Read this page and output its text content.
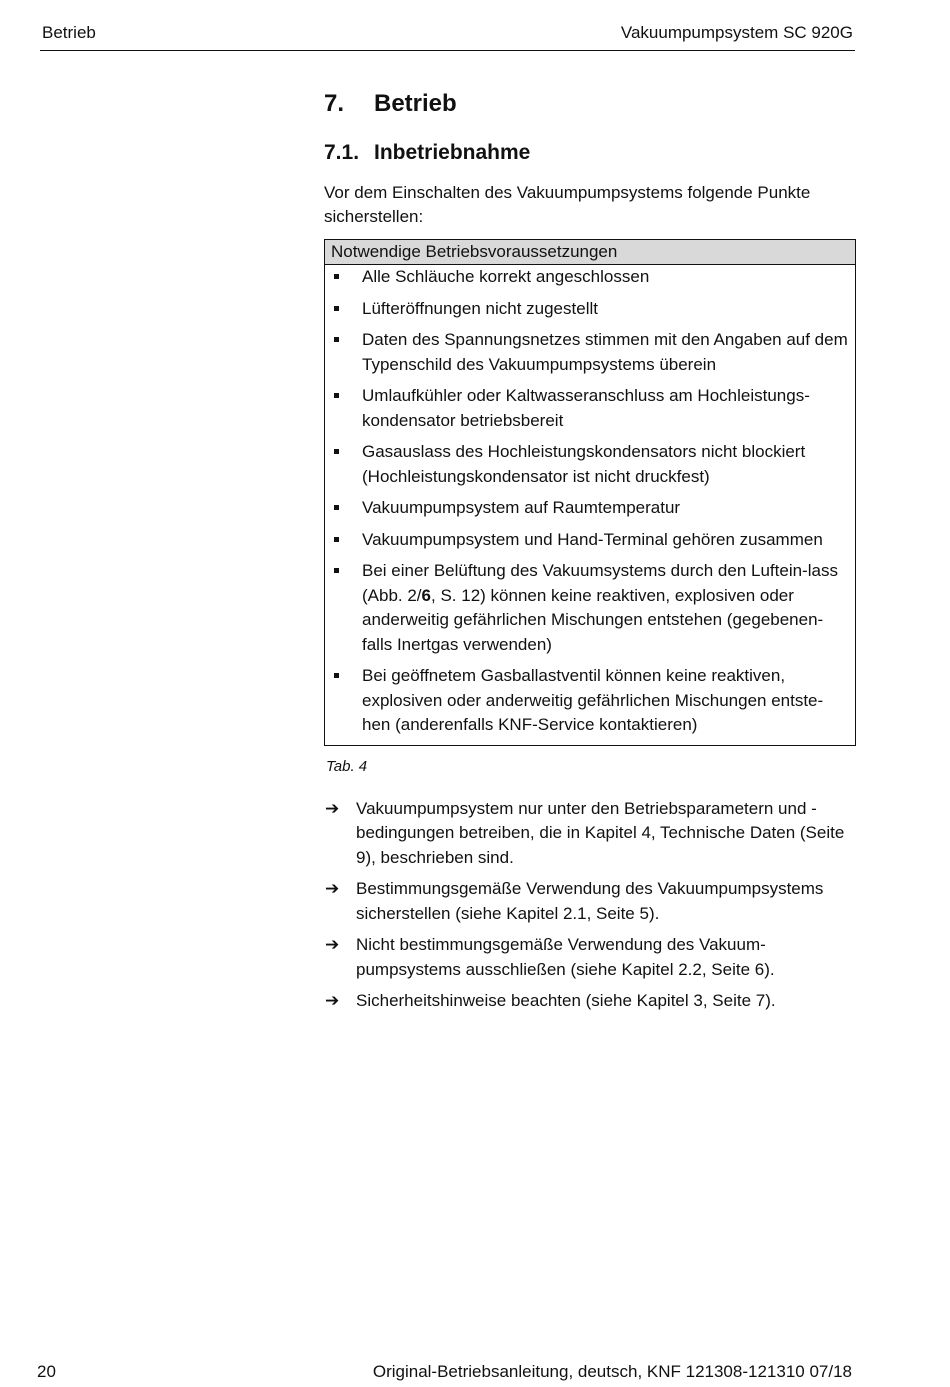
Betrieb	Vakuumpumpsystem SC 920G
7. Betrieb
7.1. Inbetriebnahme
Vor dem Einschalten des Vakuumpumpsystems folgende Punkte sicherstellen:
Notwendige Betriebsvoraussetzungen
Alle Schläuche korrekt angeschlossen
Lüfteröffnungen nicht zugestellt
Daten des Spannungsnetzes stimmen mit den Angaben auf dem Typenschild des Vakuumpumpsystems überein
Umlaufkühler oder Kaltwasseranschluss am Hochleistungs-kondensator betriebsbereit
Gasauslass des Hochleistungskondensators nicht blockiert (Hochleistungskondensator ist nicht druckfest)
Vakuumpumpsystem auf Raumtemperatur
Vakuumpumpsystem und Hand-Terminal gehören zusammen
Bei einer Belüftung des Vakuumsystems durch den Luftein-lass (Abb. 2/6, S. 12) können keine reaktiven, explosiven oder anderweitig gefährlichen Mischungen entstehen (gegebenen-falls Inertgas verwenden)
Bei geöffnetem Gasballastventil können keine reaktiven, explosiven oder anderweitig gefährlichen Mischungen entste-hen (anderenfalls KNF-Service kontaktieren)
Tab. 4
➔ Vakuumpumpsystem nur unter den Betriebsparametern und -bedingungen betreiben, die in Kapitel 4, Technische Daten (Seite 9), beschrieben sind.
➔ Bestimmungsgemäße Verwendung des Vakuumpumpsystems sicherstellen (siehe Kapitel 2.1, Seite 5).
➔ Nicht bestimmungsgemäße Verwendung des Vakuum-pumpsystems ausschließen (siehe Kapitel 2.2, Seite 6).
➔ Sicherheitshinweise beachten (siehe Kapitel 3, Seite 7).
20	Original-Betriebsanleitung, deutsch, KNF 121308-121310 07/18
